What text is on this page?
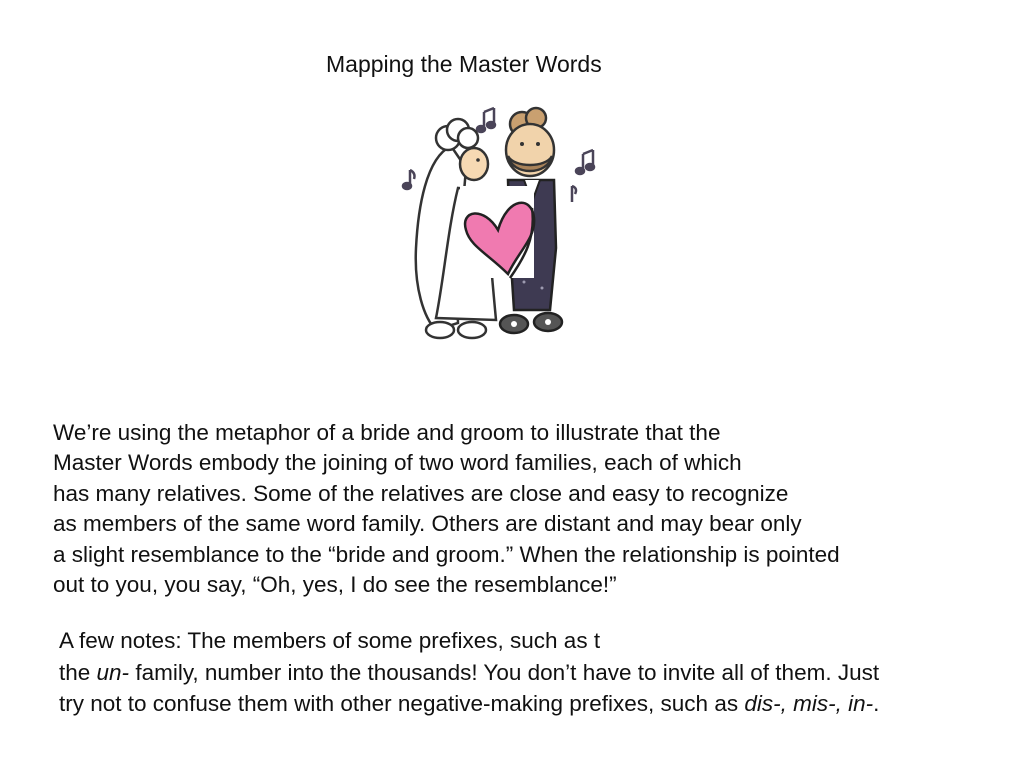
Mapping the Master Words
We’re using the metaphor of a bride and groom to illustrate that the
Master Words embody the joining of two word families, each of which
has many relatives. Some of the relatives are close and easy to recognize
as members of the same word family. Others are distant and may bear only
a slight resemblance to the “bride and groom.” When the relationship is pointed
out to you, you say, “Oh, yes, I do see the resemblance!”
A few notes: The members of some prefixes, such as t
the un- family, number into the thousands! You don’t have to invite all of them. Just
try not to confuse them with other negative-making prefixes, such as dis-, mis-, in-.
